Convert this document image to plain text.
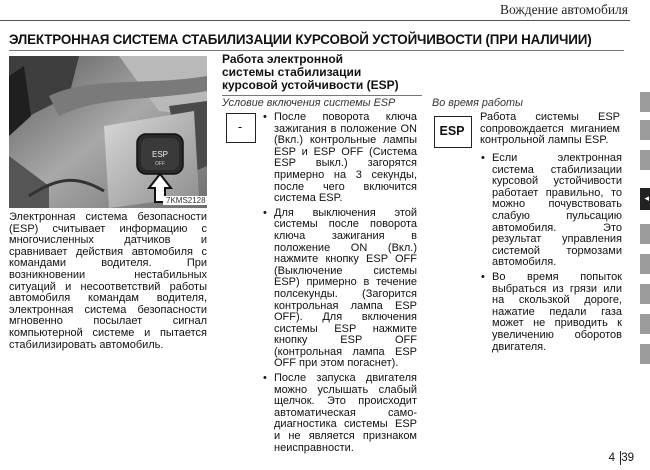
Вождение автомобиля
ЭЛЕКТРОННАЯ СИСТЕМА СТАБИЛИЗАЦИИ КУРСОВОЙ УСТОЙЧИВОСТИ (ПРИ НАЛИЧИИ)
ESP
OFF
7KMS2128
Электронная система безопасности (ESP) считывает информацию с многочисленных датчиков и сравнивает действия автомобиля с командами водителя. При возникновении нестабильных ситуаций и несоответствий работы автомобиля командам водителя, электронная система безопасности мгновенно посылает сигнал компьютерной системе и пытается стабилизировать автомобиль.
Работа электронной
системы стабилизации
курсовой устойчивости (ESP)
Условие включения системы ESP	Во время работы
-
• После поворота ключа зажигания в положение ON (Вкл.) контрольные лампы ESP и ESP OFF (Система ESP выкл.) загорятся примерно на 3 секунды, после чего включится система ESP.
• Для выключения этой системы после поворота ключа зажигания в положение ON (Вкл.) нажмите кнопку ESP OFF (Выключение системы ESP) примерно в течение полсекунды. (Загорится контрольная лампа ESP OFF). Для включения системы ESP нажмите кнопку ESP OFF (контрольная лампа ESP OFF при этом погаснет).
• После запуска двигателя можно услышать слабый щелчок. Это происходит автоматическая само-диагностика системы ESP и не является признаком неисправности.
ESP
Работа системы ESP сопровождается миганием контрольной лампы ESP.
• Если электронная система стабилизации курсовой устойчивости работает правильно, то можно почувствовать слабую пульсацию автомобиля. Это результат управления системой тормозами автомобиля.
• Во время попыток выбраться из грязи или на скользкой дороге, нажатие педали газа может не приводить к увеличению оборотов двигателя.
◂
4 39
